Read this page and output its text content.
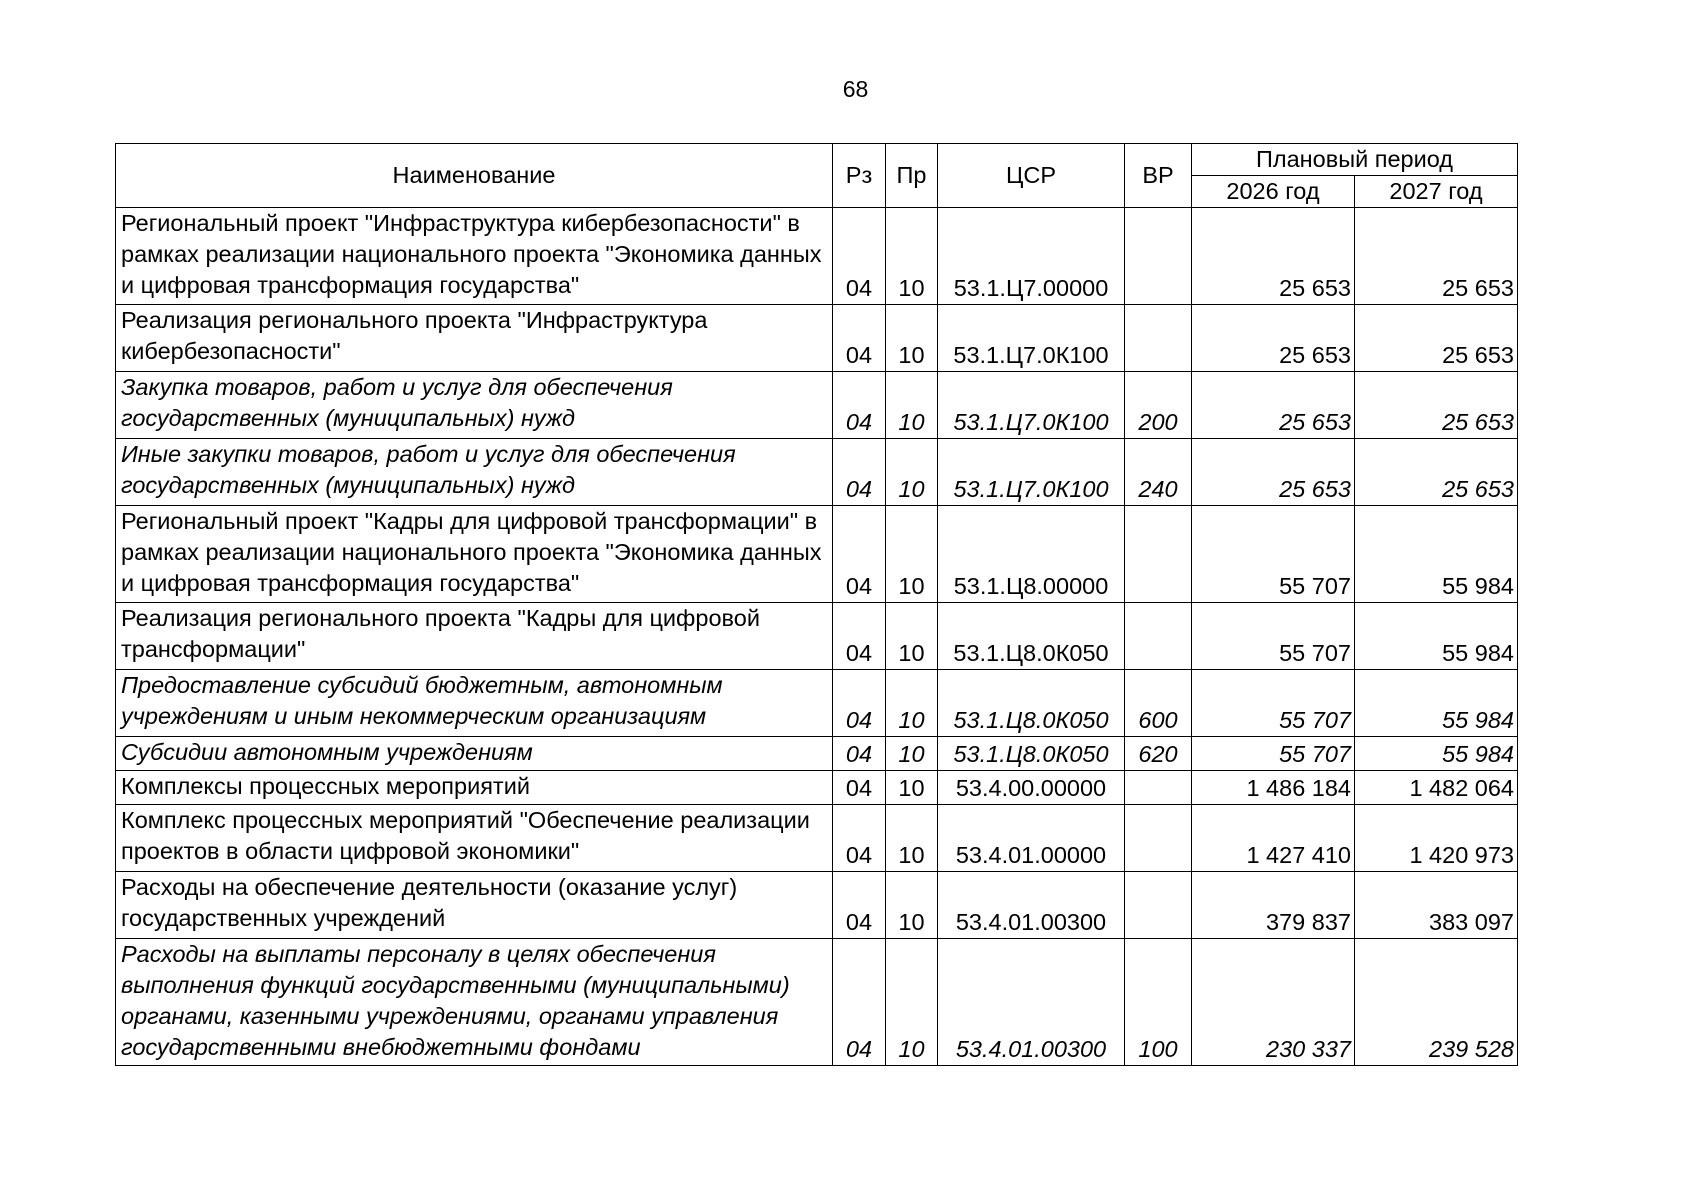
68
Наименование	Рз	Пр	ЦСР	ВР	Плановый период	
					2026 год	2027 год
Региональный проект "Инфраструктура кибербезопасности" в рамках реализации национального проекта "Экономика данных и цифровая трансформация государства"	04	10	53.1.Ц7.00000		25 653	25 653
Реализация регионального проекта "Инфраструктура кибербезопасности"	04	10	53.1.Ц7.0К100		25 653	25 653
Закупка товаров, работ и услуг для обеспечения государственных (муниципальных) нужд	04	10	53.1.Ц7.0К100	200	25 653	25 653
Иные закупки товаров, работ и услуг для обеспечения государственных (муниципальных) нужд	04	10	53.1.Ц7.0К100	240	25 653	25 653
Региональный проект "Кадры для цифровой трансформации" в рамках реализации национального проекта "Экономика данных и цифровая трансформация государства"	04	10	53.1.Ц8.00000		55 707	55 984
Реализация регионального проекта "Кадры для цифровой трансформации"	04	10	53.1.Ц8.0К050		55 707	55 984
Предоставление субсидий бюджетным, автономным учреждениям и иным некоммерческим организациям	04	10	53.1.Ц8.0К050	600	55 707	55 984
Субсидии автономным учреждениям	04	10	53.1.Ц8.0К050	620	55 707	55 984
Комплексы процессных мероприятий	04	10	53.4.00.00000		1 486 184	1 482 064
Комплекс процессных мероприятий "Обеспечение реализации проектов в области цифровой экономики"	04	10	53.4.01.00000		1 427 410	1 420 973
Расходы на обеспечение деятельности (оказание услуг) государственных учреждений	04	10	53.4.01.00300		379 837	383 097
Расходы на выплаты персоналу в целях обеспечения выполнения функций государственными (муниципальными) органами, казенными учреждениями, органами управления государственными внебюджетными фондами	04	10	53.4.01.00300	100	230 337	239 528
